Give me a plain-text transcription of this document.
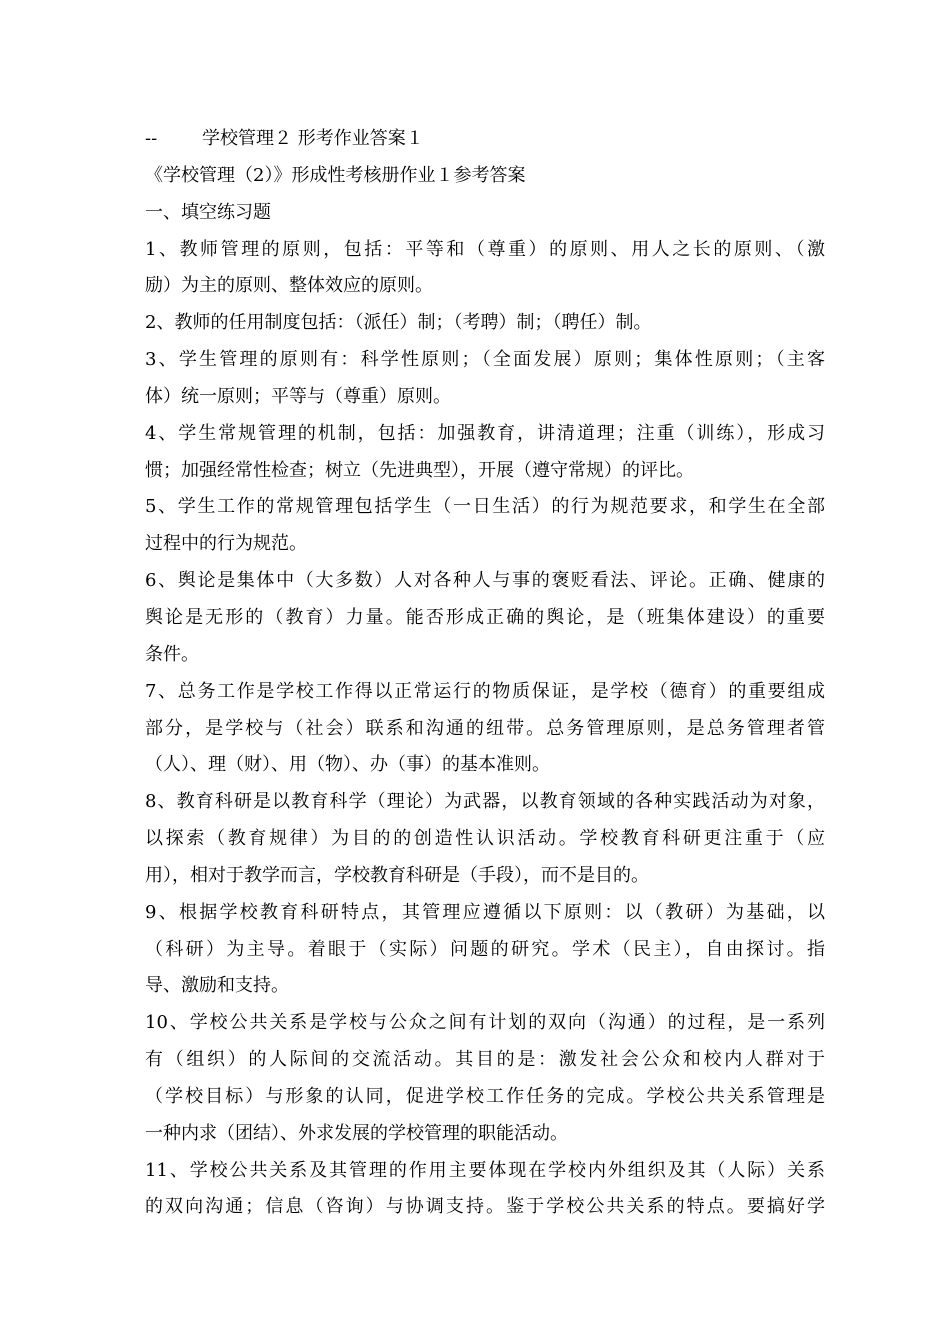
-- 学校管理２ 形考作业答案１
《学校管理（2）》形成性考核册作业１参考答案
一、填空练习题
1、教师管理的原则，包括：平等和（尊重）的原则、用人之长的原则、（激
励）为主的原则、整体效应的原则。
2、教师的任用制度包括：（派任）制；（考聘）制；（聘任）制。
3、学生管理的原则有：科学性原则；（全面发展）原则；集体性原则；（主客
体）统一原则；平等与（尊重）原则。
4、学生常规管理的机制，包括：加强教育，讲清道理；注重（训练），形成习
惯；加强经常性检查；树立（先进典型），开展（遵守常规）的评比。
5、学生工作的常规管理包括学生（一日生活）的行为规范要求，和学生在全部
过程中的行为规范。
6、舆论是集体中（大多数）人对各种人与事的褒贬看法、评论。正确、健康的
舆论是无形的（教育）力量。能否形成正确的舆论，是（班集体建设）的重要
条件。
7、总务工作是学校工作得以正常运行的物质保证，是学校（德育）的重要组成
部分，是学校与（社会）联系和沟通的纽带。总务管理原则，是总务管理者管
（人）、理（财）、用（物）、办（事）的基本准则。
8、教育科研是以教育科学（理论）为武器，以教育领域的各种实践活动为对象，
以探索（教育规律）为目的的创造性认识活动。学校教育科研更注重于（应
用），相对于教学而言，学校教育科研是（手段），而不是目的。
9、根据学校教育科研特点，其管理应遵循以下原则：以（教研）为基础，以
（科研）为主导。着眼于（实际）问题的研究。学术（民主），自由探讨。指
导、激励和支持。
10、学校公共关系是学校与公众之间有计划的双向（沟通）的过程，是一系列
有（组织）的人际间的交流活动。其目的是：激发社会公众和校内人群对于
（学校目标）与形象的认同，促进学校工作任务的完成。学校公共关系管理是
一种内求（团结）、外求发展的学校管理的职能活动。
11、学校公共关系及其管理的作用主要体现在学校内外组织及其（人际）关系
的双向沟通；信息（咨询）与协调支持。鉴于学校公共关系的特点。要搞好学
